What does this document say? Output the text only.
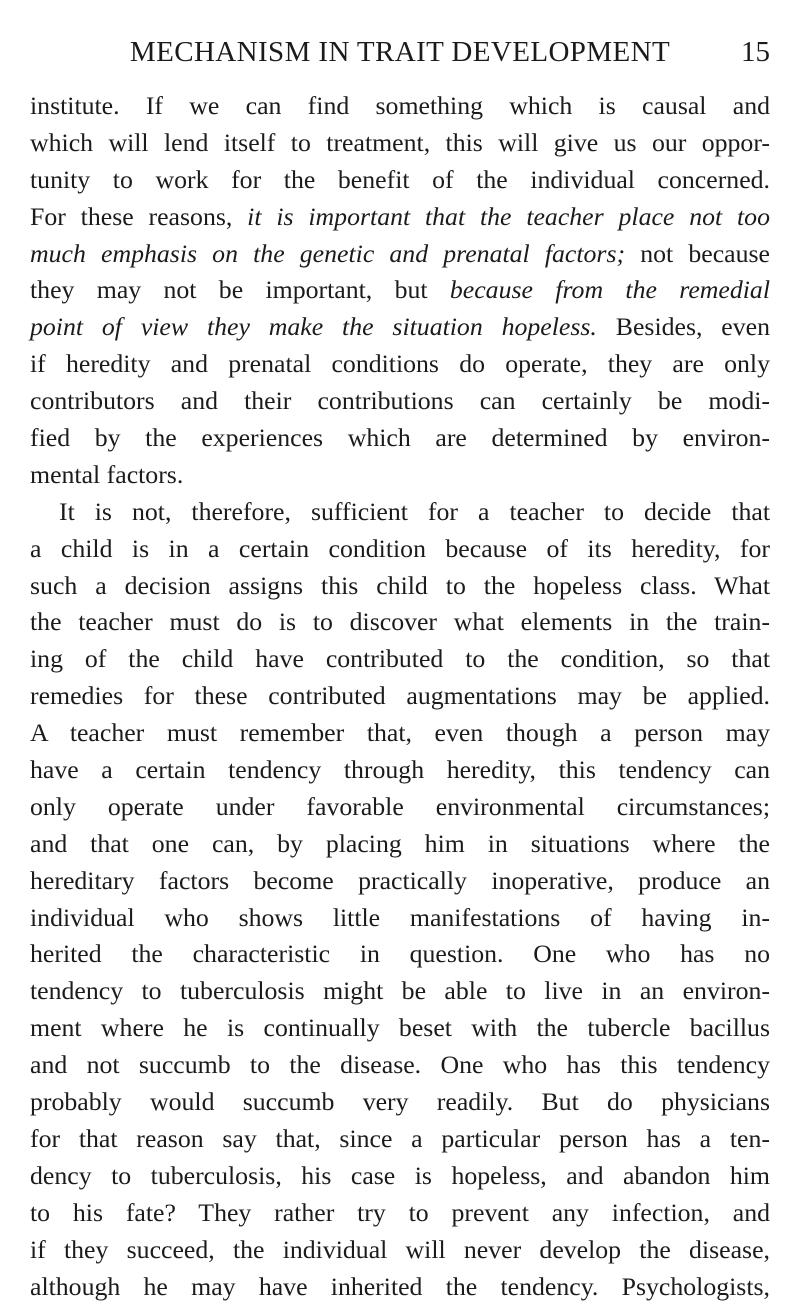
MECHANISM IN TRAIT DEVELOPMENT	15
institute. If we can find something which is causal and
which will lend itself to treatment, this will give us our oppor-
tunity to work for the benefit of the individual concerned.
For these reasons, it is important that the teacher place not too
much emphasis on the genetic and prenatal factors; not because
they may not be important, but because from the remedial
point of view they make the situation hopeless. Besides, even
if heredity and prenatal conditions do operate, they are only
contributors and their contributions can certainly be modi-
fied by the experiences which are determined by environ-
mental factors.
It is not, therefore, sufficient for a teacher to decide that
a child is in a certain condition because of its heredity, for
such a decision assigns this child to the hopeless class. What
the teacher must do is to discover what elements in the train-
ing of the child have contributed to the condition, so that
remedies for these contributed augmentations may be applied.
A teacher must remember that, even though a person may
have a certain tendency through heredity, this tendency can
only operate under favorable environmental circumstances;
and that one can, by placing him in situations where the
hereditary factors become practically inoperative, produce an
individual who shows little manifestations of having in-
herited the characteristic in question. One who has no
tendency to tuberculosis might be able to live in an environ-
ment where he is continually beset with the tubercle bacillus
and not succumb to the disease. One who has this tendency
probably would succumb very readily. But do physicians
for that reason say that, since a particular person has a ten-
dency to tuberculosis, his case is hopeless, and abandon him
to his fate? They rather try to prevent any infection, and
if they succeed, the individual will never develop the disease,
although he may have inherited the tendency. Psychologists,
